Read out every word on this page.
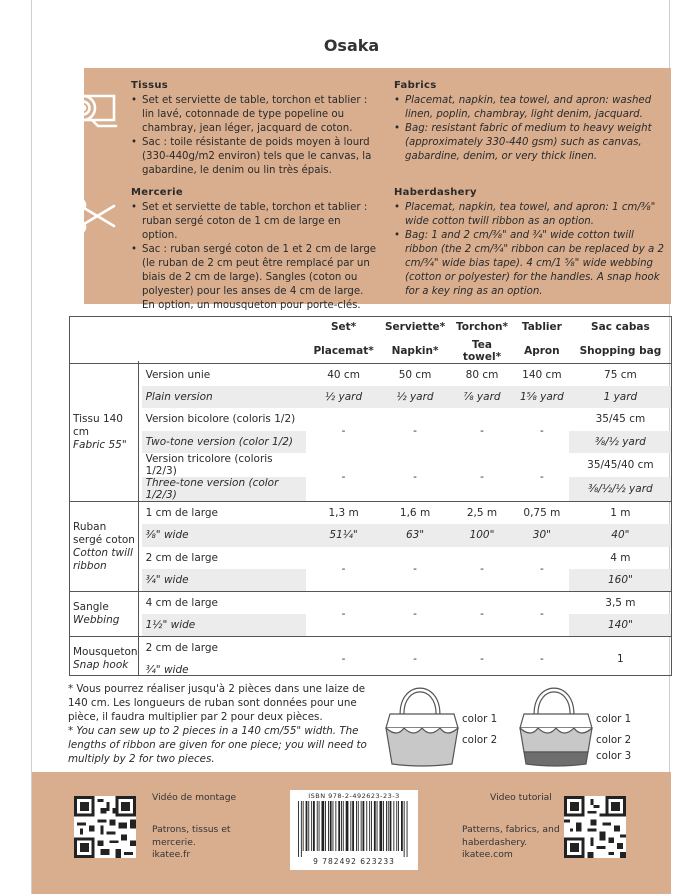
Osaka
Tissus
• Set et serviette de table, torchon et tablier : lin lavé, cotonnade de type popeline ou chambray, jean léger, jacquard de coton.
• Sac : toile résistante de poids moyen à lourd (330-440g/m2 environ) tels que le canvas, la gabardine, le denim ou lin très épais.
Fabrics
• Placemat, napkin, tea towel, and apron: washed linen, poplin, chambray, light denim, jacquard.
• Bag: resistant fabric of medium to heavy weight (approximately 330-440 gsm) such as canvas, gabardine, denim, or very thick linen.
Mercerie
• Set et serviette de table, torchon et tablier : ruban sergé coton de 1 cm de large en option.
• Sac : ruban sergé coton de 1 et 2 cm de large (le ruban de 2 cm peut être remplacé par un biais de 2 cm de large). Sangles (coton ou polyester) pour les anses de 4 cm de large. En option, un mousqueton pour porte-clés.
Haberdashery
• Placemat, napkin, tea towel, and apron: 1 cm/⅜" wide cotton twill ribbon as an option.
• Bag: 1 and 2 cm/⅜" and ¾" wide cotton twill ribbon (the 2 cm/¾" ribbon can be replaced by a 2 cm/¾" wide bias tape). 4 cm/1 ⅝" wide webbing (cotton or polyester) for the handles. A snap hook for a key ring as an option.
		Set*	Serviette*	Torchon*	Tablier	Sac cabas
		Placemat*	Napkin*	Tea towel*	Apron	Shopping bag
Tissu 140 cm
Fabric 55"	Version unie	40 cm	50 cm	80 cm	140 cm	75 cm
	Plain version	½ yard	½ yard	⅞ yard	1⅝ yard	1 yard
	Version bicolore (coloris 1/2)	-	-	-	-	35/45 cm
	Two-tone version (color 1/2)					⅜/½ yard
	Version tricolore (coloris 1/2/3)	-	-	-	-	35/45/40 cm
	Three-tone version (color 1/2/3)					⅜/½/½ yard
Ruban sergé coton
Cotton twill ribbon	1 cm de large	1,3 m	1,6 m	2,5 m	0,75 m	1 m
	⅜" wide	51¼"	63"	100"	30"	40"
	2 cm de large	-	-	-	-	4 m
	¾" wide					160"
Sangle
Webbing	4 cm de large	-	-	-	-	3,5 m
	1½" wide					140"
Mousqueton
Snap hook	2 cm de large	-	-	-	-	1
	¾" wide					

* Vous pourrez réaliser jusqu'à 2 pièces dans une laize de 140 cm. Les longueurs de ruban sont données pour une pièce, il faudra multiplier par 2 pour deux pièces.

* You can sew up to 2 pieces in a 140 cm/55" width. The lengths of ribbon are given for one piece; you will need to multiply by 2 for two pieces.

color 1
color 2
color 1
color 2
color 3
Vidéo de montage
Patrons, tissus et
mercerie.
ikatee.fr
ISBN 978-2-492623-23-3
9 782492 623233
Video tutorial
Patterns, fabrics, and
haberdashery.
ikatee.com
